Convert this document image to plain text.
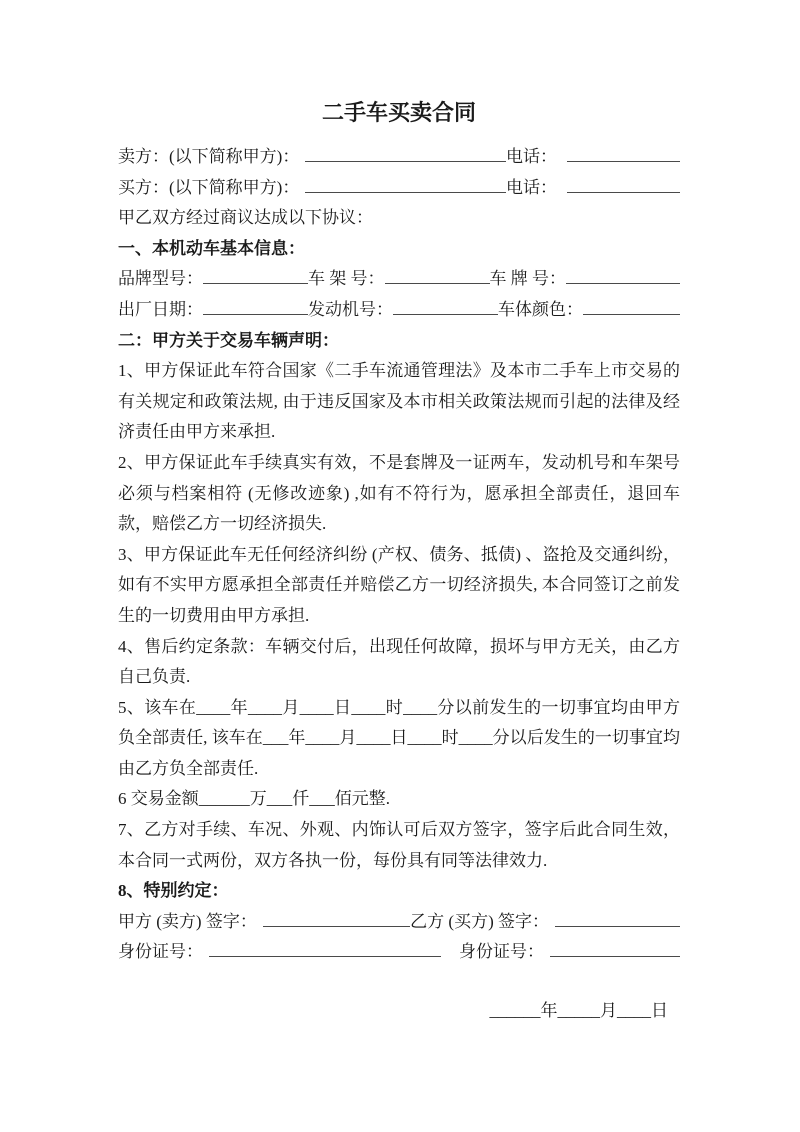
二手车买卖合同
卖方：(以下简称甲方)：	电话：
买方：(以下简称甲方)：	电话：

甲乙双方经过商议达成以下协议：

一、本机动车基本信息：

品牌型号：	车 架 号：	车 牌 号：
出厂日期：	发动机号：	车体颜色：

二：甲方关于交易车辆声明：

1、甲方保证此车符合国家《二手车流通管理法》及本市二手车上市交易的有关规定和政策法规, 由于违反国家及本市相关政策法规而引起的法律及经济责任由甲方来承担.

2、甲方保证此车手续真实有效，不是套牌及一证两车，发动机号和车架号必须与档案相符 (无修改迹象) ,如有不符行为，愿承担全部责任，退回车款，赔偿乙方一切经济损失.

3、甲方保证此车无任何经济纠纷 (产权、债务、抵债) 、盗抢及交通纠纷，如有不实甲方愿承担全部责任并赔偿乙方一切经济损失, 本合同签订之前发生的一切费用由甲方承担.

4、售后约定条款：车辆交付后，出现任何故障，损坏与甲方无关，由乙方自己负责.

5、该车在____年____月____日____时____分以前发生的一切事宜均由甲方负全部责任, 该车在___年____月____日____时____分以后发生的一切事宜均由乙方负全部责任.

6 交易金额______万___仟___佰元整.

7、乙方对手续、车况、外观、内饰认可后双方签字，签字后此合同生效，本合同一式两份，双方各执一份，每份具有同等法律效力.

8、特别约定：

甲方 (卖方) 签字：	乙方 (买方) 签字：
身份证号：	身份证号：
______年_____月____日
